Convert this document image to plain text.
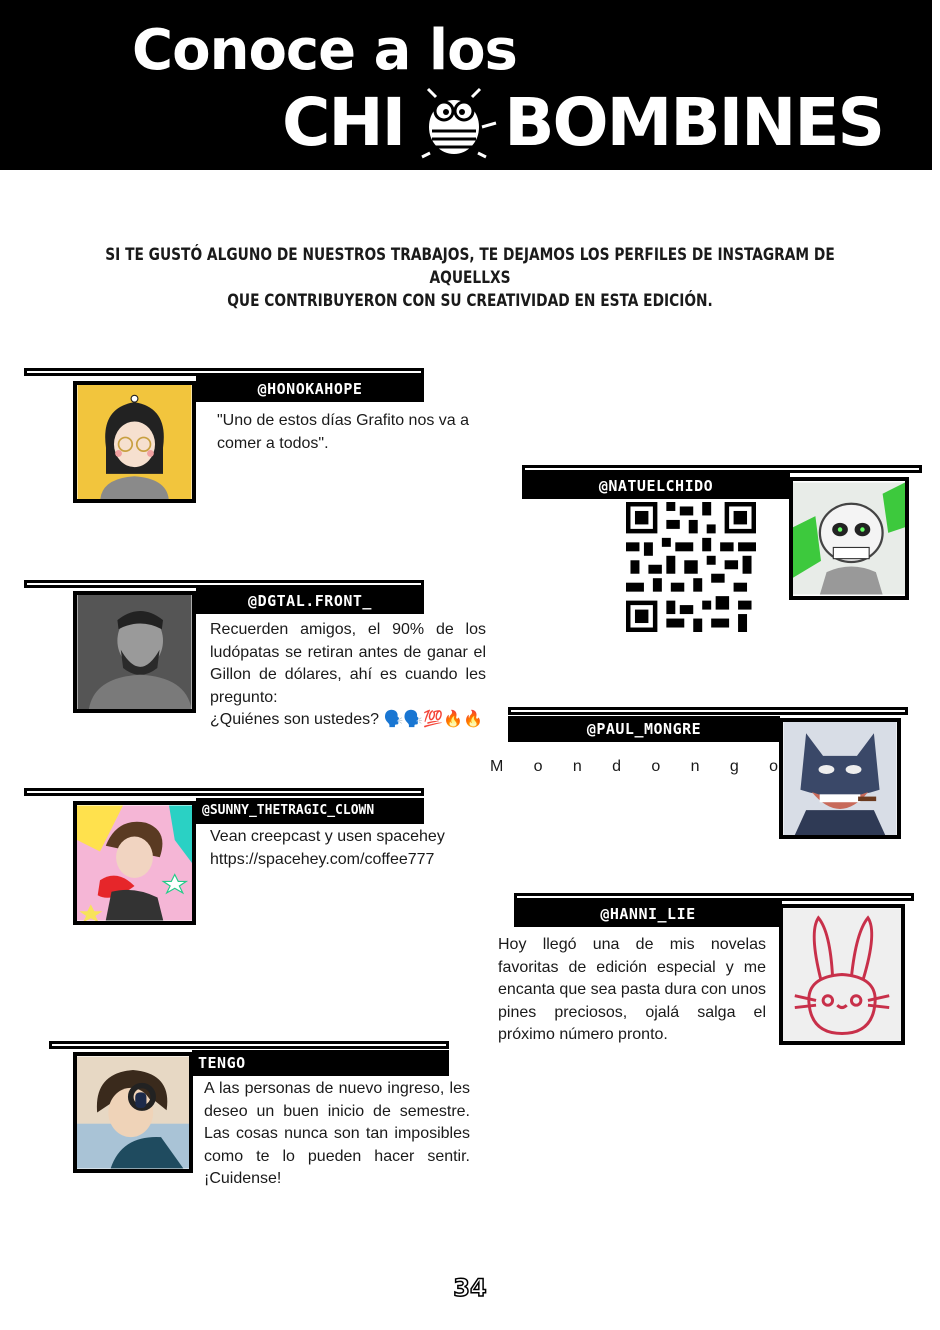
Conoce a los
CHI BOMBINES
SI TE GUSTÓ ALGUNO DE NUESTROS TRABAJOS, TE DEJAMOS LOS PERFILES DE INSTAGRAM DE AQUELLXS
QUE CONTRIBUYERON CON SU CREATIVIDAD EN ESTA EDICIÓN.
@HONOKAHOPE
"Uno de estos días Grafito nos va a comer a todos".
@NATUELCHIDO
@DGTAL.FRONT_
Recuerden amigos, el 90% de los ludópatas se retiran antes de ganar el Gillon de dólares, ahí es cuando les pregunto:
¿Quiénes son ustedes? 🗣️🗣️💯🔥🔥
@PAUL_MONGRE
M o n d o n g o
@SUNNY_THETRAGIC_CLOWN
Vean creepcast y usen spacehey
https://spacehey.com/coffee777
@HANNI_LIE
Hoy llegó una de mis novelas favoritas de edición especial y me encanta que sea pasta dura con unos pines preciosos, ojalá salga el próximo número pronto.
TENGO
A las personas de nuevo ingreso, les deseo un buen inicio de semestre. Las cosas nunca son tan imposibles como te lo pueden hacer sentir. ¡Cuidense!
34
